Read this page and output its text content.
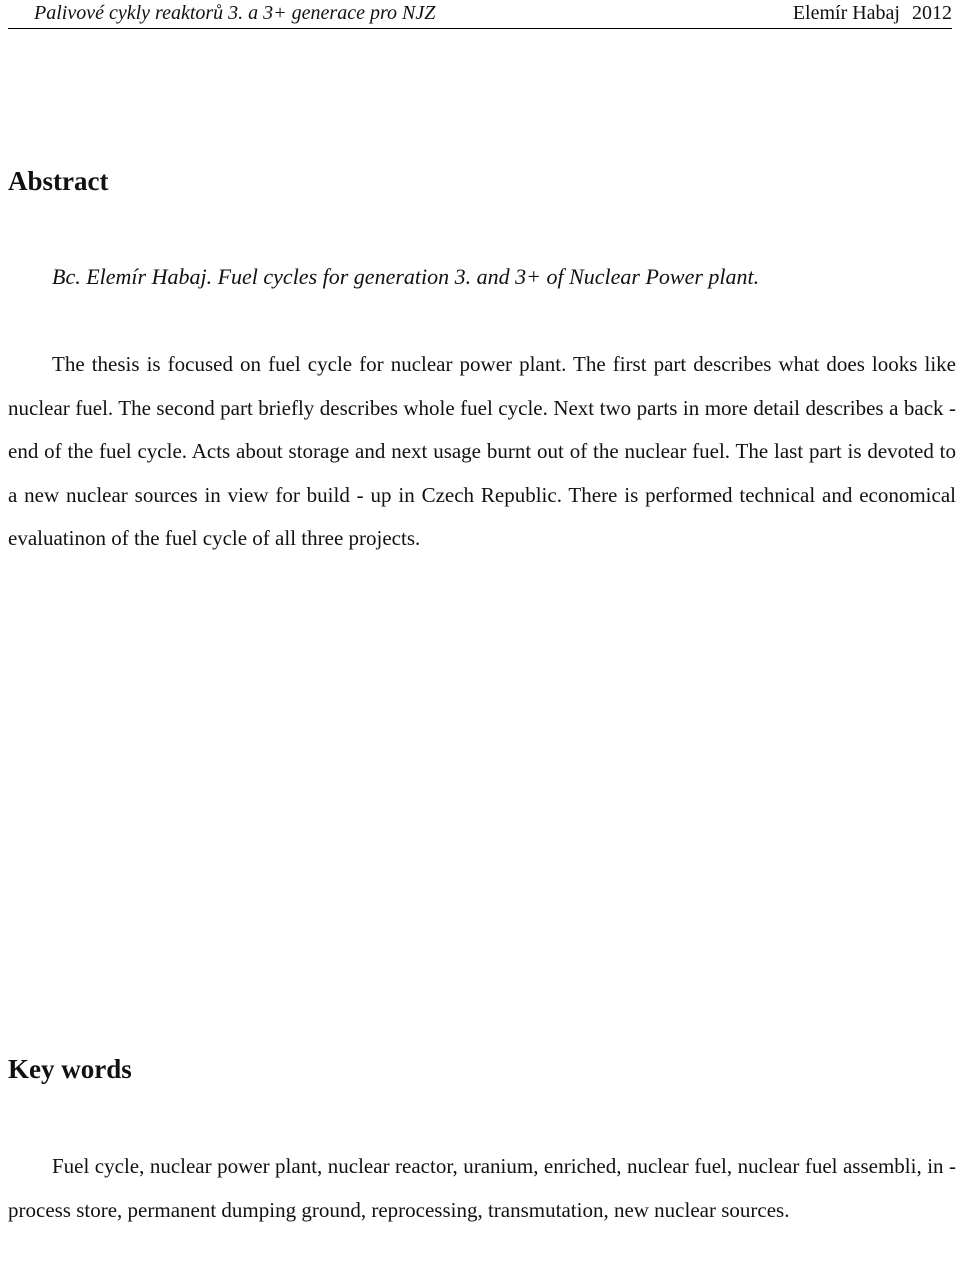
Palivové cykly reaktorů 3. a 3+ generace pro NJZ	Elemír Habaj 2012
Abstract

Bc. Elemír Habaj. Fuel cycles for generation 3. and 3+ of Nuclear Power plant.

The thesis is focused on fuel cycle for nuclear power plant. The first part describes what does looks like nuclear fuel. The second part briefly describes whole fuel cycle. Next two parts in more detail describes a back - end of the fuel cycle. Acts about storage and next usage burnt out of the nuclear fuel. The last part is devoted to a new nuclear sources in view for build - up in Czech Republic. There is performed technical and economical evaluatinon of the fuel cycle of all three projects.

Key words

Fuel cycle, nuclear power plant, nuclear reactor, uranium, enriched, nuclear fuel, nuclear fuel assembli, in - process store, permanent dumping ground, reprocessing, transmutation, new nuclear sources.
